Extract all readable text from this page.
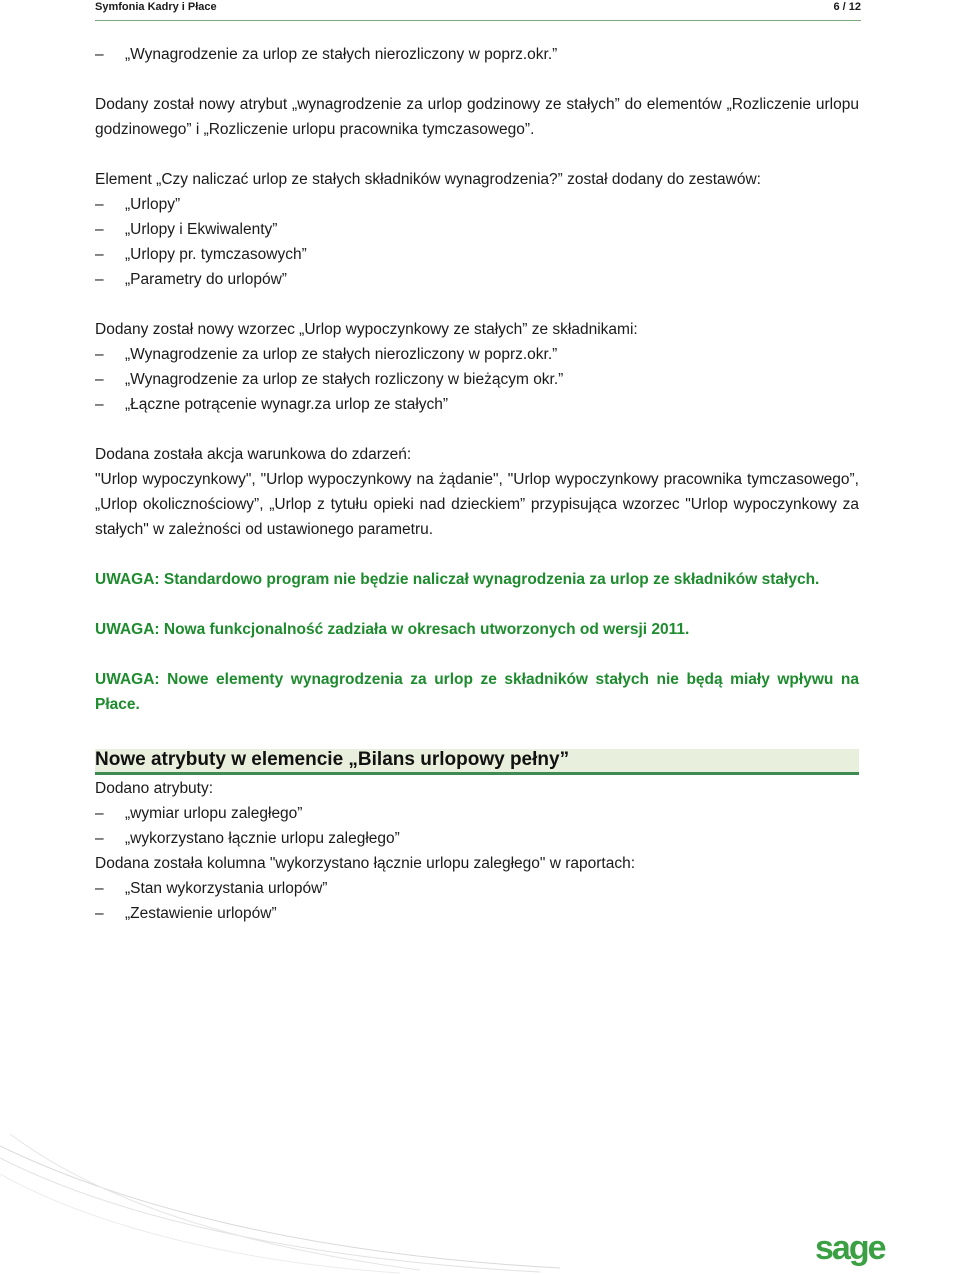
Symfonia Kadry i Płace	6 / 12
– „Wynagrodzenie za urlop ze stałych nierozliczony w poprz.okr.”

Dodany został nowy atrybut „wynagrodzenie za urlop godzinowy ze stałych” do elementów „Rozliczenie urlopu godzinowego” i „Rozliczenie urlopu pracownika tymczasowego”.

Element „Czy naliczać urlop ze stałych składników wynagrodzenia?” został dodany do zestawów:

– „Urlopy”
– „Urlopy i Ekwiwalenty”
– „Urlopy pr. tymczasowych”
– „Parametry do urlopów”

Dodany został nowy wzorzec „Urlop wypoczynkowy ze stałych” ze składnikami:

– „Wynagrodzenie za urlop ze stałych nierozliczony w poprz.okr.”
– „Wynagrodzenie za urlop ze stałych rozliczony w bieżącym okr.”
– „Łączne potrącenie wynagr.za urlop ze stałych”

Dodana została akcja warunkowa do zdarzeń:

"Urlop wypoczynkowy", "Urlop wypoczynkowy na żądanie", "Urlop wypoczynkowy pracownika tymczasowego”, „Urlop okolicznościowy”, „Urlop z tytułu opieki nad dzieckiem” przypisująca wzorzec "Urlop wypoczynkowy za stałych" w zależności od ustawionego parametru.

UWAGA: Standardowo program nie będzie naliczał wynagrodzenia za urlop ze składników stałych.

UWAGA: Nowa funkcjonalność zadziała w okresach utworzonych od wersji 2011.

UWAGA: Nowe elementy wynagrodzenia za urlop ze składników stałych nie będą miały wpływu na Płace.

Nowe atrybuty w elemencie „Bilans urlopowy pełny”

Dodano atrybuty:

– „wymiar urlopu zaległego”
– „wykorzystano łącznie urlopu zaległego”

Dodana została kolumna "wykorzystano łącznie urlopu zaległego" w raportach:

– „Stan wykorzystania urlopów”
– „Zestawienie urlopów”
sage
